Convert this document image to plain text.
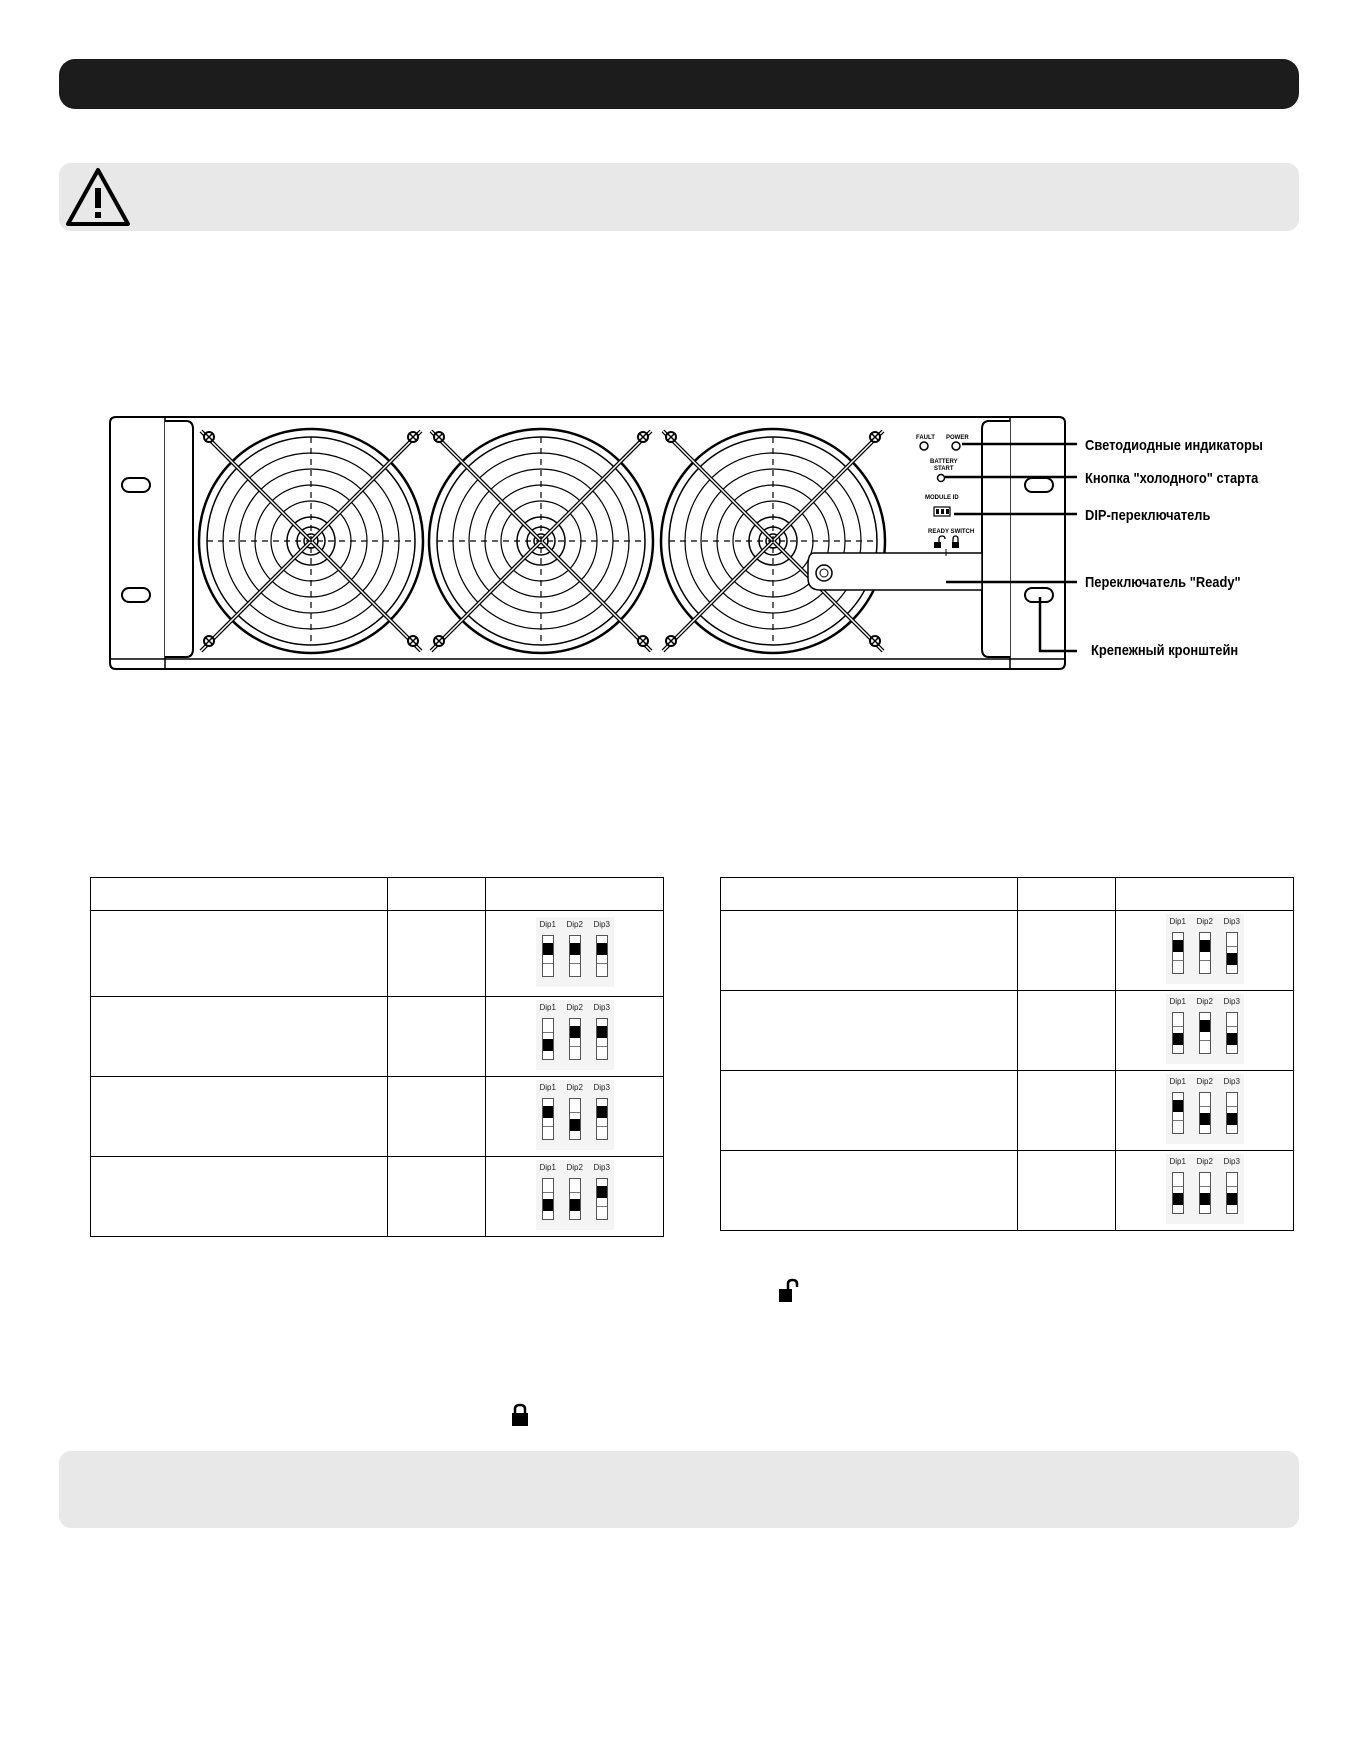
FAULT POWER
BATTERY
START
MODULE ID
READY SWITCH
Светодиодные индикаторы
Кнопка "холодного" старта
DIP-переключатель
Переключатель "Ready"
Крепежный кронштейн

		Dip1 Dip2 Dip3

		Dip1 Dip2 Dip3

		Dip1 Dip2 Dip3

		Dip1 Dip2 Dip3

		Dip1 Dip2 Dip3

		Dip1 Dip2 Dip3

		Dip1 Dip2 Dip3

		Dip1 Dip2 Dip3
